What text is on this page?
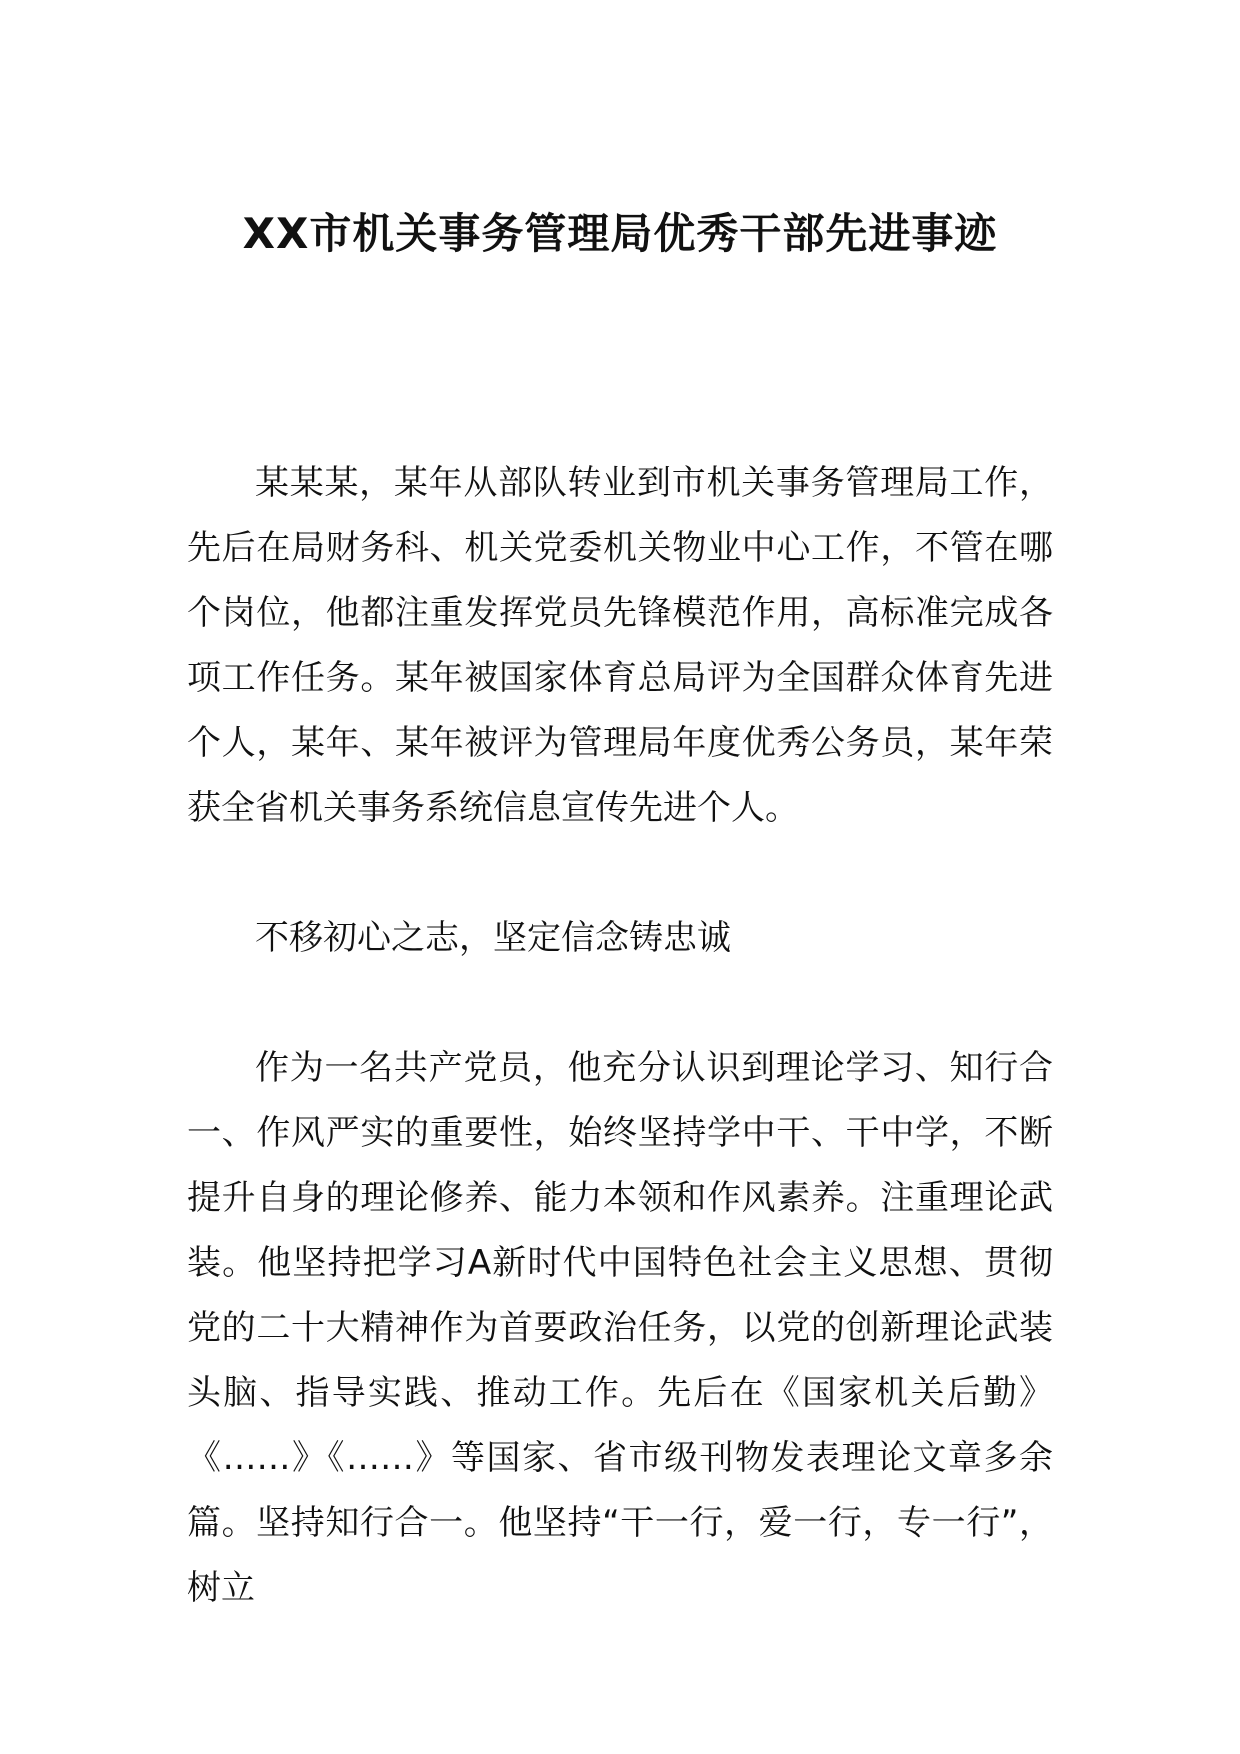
XX市机关事务管理局优秀干部先进事迹

某某某，某年从部队转业到市机关事务管理局工作，先后在局财务科、机关党委机关物业中心工作，不管在哪个岗位，他都注重发挥党员先锋模范作用，高标准完成各项工作任务。某年被国家体育总局评为全国群众体育先进个人，某年、某年被评为管理局年度优秀公务员，某年荣获全省机关事务系统信息宣传先进个人。

不移初心之志，坚定信念铸忠诚

作为一名共产党员，他充分认识到理论学习、知行合一、作风严实的重要性，始终坚持学中干、干中学，不断提升自身的理论修养、能力本领和作风素养。注重理论武装。他坚持把学习A新时代中国特色社会主义思想、贯彻党的二十大精神作为首要政治任务，以党的创新理论武装头脑、指导实践、推动工作。先后在《国家机关后勤》《……》《……》等国家、省市级刊物发表理论文章多余篇。坚持知行合一。他坚持“干一行，爱一行，专一行”，树立
